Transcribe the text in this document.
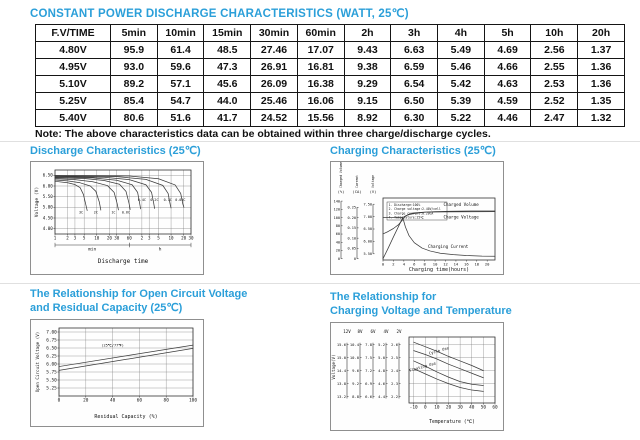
CONSTANT POWER DISCHARGE CHARACTERISTICS (WATT, 25℃)
F.V/TIME	5min	10min	15min	30min	60min	2h	3h	4h	5h	10h	20h
4.80V	95.9	61.4	48.5	27.46	17.07	9.43	6.63	5.49	4.69	2.56	1.37
4.95V	93.0	59.6	47.3	26.91	16.81	9.38	6.59	5.46	4.66	2.55	1.36
5.10V	89.2	57.1	45.6	26.09	16.38	9.29	6.54	5.42	4.63	2.53	1.36
5.25V	85.4	54.7	44.0	25.46	16.06	9.15	6.50	5.39	4.59	2.52	1.35
5.40V	80.6	51.6	41.7	24.52	15.56	8.92	6.30	5.22	4.46	2.47	1.32
Note: The above characteristics data can be obtained within three charge/discharge cycles.
Discharge Characteristics (25℃)
1 2 3 5 10 20 30 60 2 3 5 10 20 30
4.00
4.50
5.00
5.50
6.00
6.50
3C	2C	1C 0.6C
0.4C 0.2C 0.1C 0.05C
min	h
Discharge time
Voltage (V)
Charging Characteristics (25℃)
0 2 4 6 8 10 12 14 16 18 20
0
20
40
60
80
100
120
140
(%)
Charged Volume
0
0.05
0.10
0.15
0.20
0.25
(CA)
Current
5.50
6.00
6.50
7.00
7.50
(V)
Voltage
1. Discharge:100%
2. Charge voltage:2.40V/cell
3. Charge current:0.20CA
4. Temperature:25℃
Charged Volume
Charge Voltage
Charging Current
Charging time(hours)
The Relationship for Open Circuit Voltage
and Residual Capacity (25℃)
0	20	40	60	80	100
5.25
5.50
5.75
6.00
6.25
6.50
6.75
7.00
(25℃/77℉)
Residual Capacity (%)
Open Circuit Voltage (V)
The Relationship for
Charging Voltage and Temperature
-10 0 10 20 30 40 50 60
12V
13.2
13.8
14.4
15.0
15.6
8V
8.8
9.2
9.6
10.0
10.4
6V
6.6
6.9
7.2
7.5
7.8
4V
4.4
4.6
4.8
5.0
5.2
2V
2.2
2.3
2.4
2.5
2.6
Cycle Use
Floating Use
Temperature (℃)
Voltage(V)
